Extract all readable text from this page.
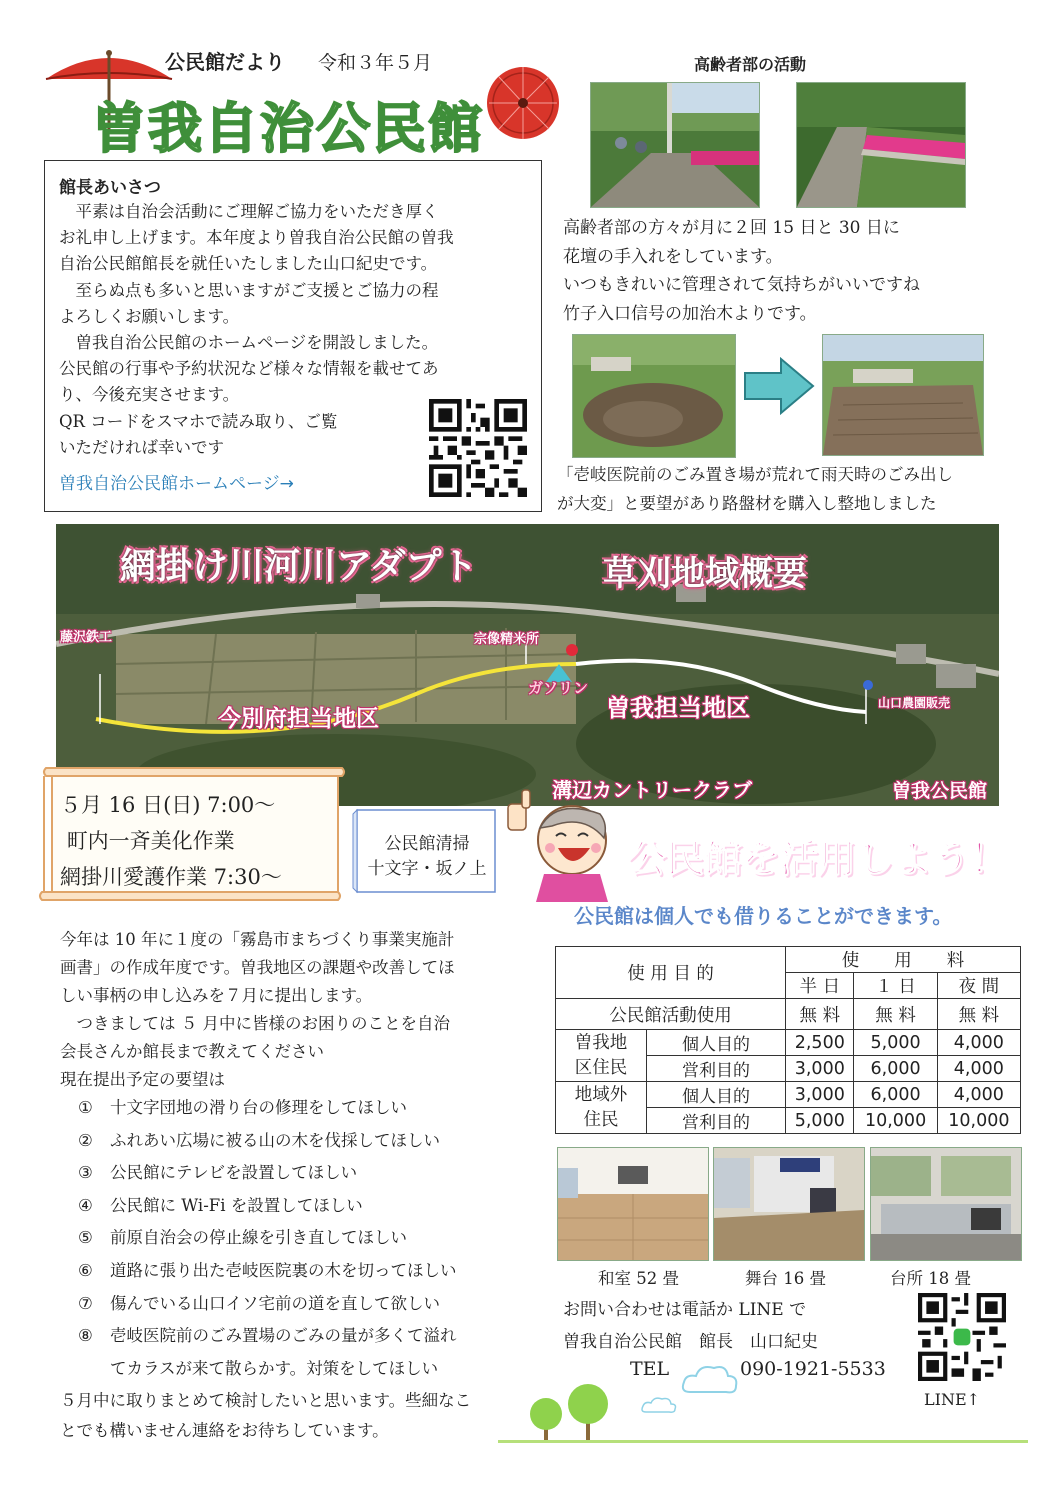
公民館だより 令和３年５月
曽我自治公民館
館長あいさつ
　平素は自治会活動にご理解ご協力をいただき厚く
お礼申し上げます。本年度より曽我自治公民館の曽我
自治公民館館長を就任いたしました山口紀史です。
　至らぬ点も多いと思いますがご支援とご協力の程
よろしくお願いします。
　曽我自治公民館のホームページを開設しました。
公民館の行事や予約状況など様々な情報を載せてあ
り、今後充実させます。
QR コードをスマホで読み取り、ご覧
いただければ幸いです
曽我自治公民館ホームページ→
高齢者部の活動
高齢者部の方々が月に２回 15 日と 30 日に
花壇の手入れをしています。
いつもきれいに管理されて気持ちがいいですね
竹子入口信号の加治木よりです。
「壱岐医院前のごみ置き場が荒れて雨天時のごみ出し
が大変」と要望があり路盤材を購入し整地しました
網掛け川河川アダプト	草刈地域概要
藤沢鉄工	宗像精米所
ガソリン
今別府担当地区	曽我担当地区	山口農園販売
溝辺カントリークラブ	曽我公民館
５月 16 日(日) 7:00～
町内一斉美化作業
網掛川愛護作業 7:30～
公民館清掃
十文字・坂ノ上	公民館を活用しよう！
公民館は個人でも借りることができます。
今年は 10 年に１度の「霧島市まちづくり事業実施計
画書」の作成年度です。曽我地区の課題や改善してほ
しい事柄の申し込みを７月に提出します。
　つきましては ５ 月中に皆様のお困りのことを自治
会長さんか館長まで教えてください
現在提出予定の要望は
①	十文字団地の滑り台の修理をしてほしい
②	ふれあい広場に被る山の木を伐採してほしい
③	公民館にテレビを設置してほしい
④	公民館に Wi-Fi を設置してほしい
⑤	前原自治会の停止線を引き直してほしい
⑥	道路に張り出た壱岐医院裏の木を切ってほしい
⑦	傷んでいる山口イソ宅前の道を直して欲しい
⑧	壱岐医院前のごみ置場のごみの量が多くて溢れ
てカラスが来て散らかす。対策をしてほしい
５月中に取りまとめて検討したいと思います。些細なこ
とでも構いません連絡をお待ちしています。
使 用 目 的		使　　用　　料		
		半 日	１ 日	夜 間
公民館活動使用		無 料	無 料	無 料
曽我地
区住民	個人目的	2,500	5,000	4,000
	営利目的	3,000	6,000	4,000
地域外
住民	個人目的	3,000	6,000	4,000
	営利目的	5,000	10,000	10,000
和室 52 畳	舞台 16 畳	台所 18 畳
お問い合わせは電話か LINE で
曽我自治公民館　館長　山口紀史
TEL	090-1921-5533
LINE↑
